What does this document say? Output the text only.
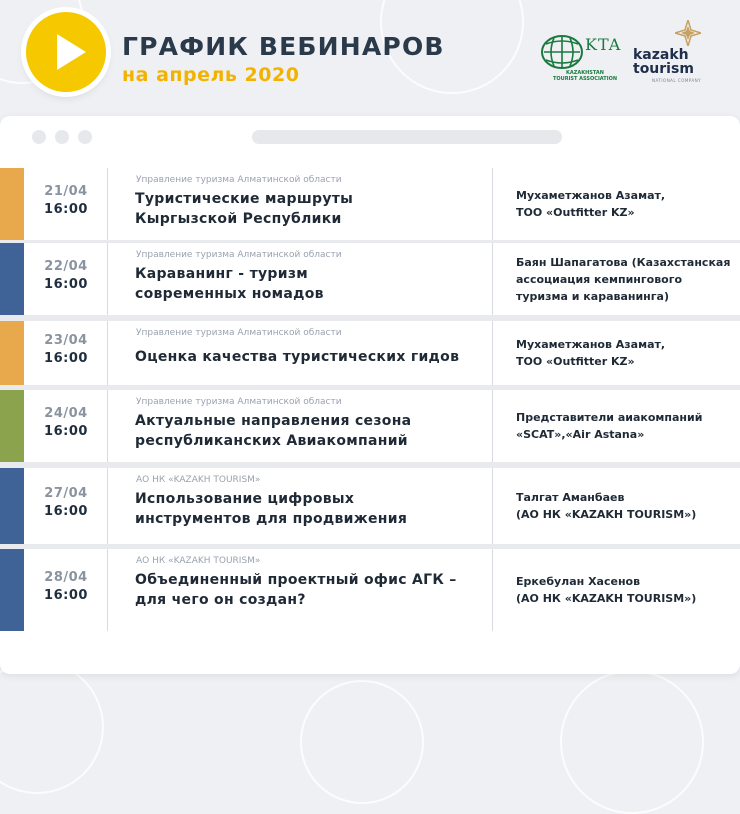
ГРАФИК ВЕБИНАРОВ
на апрель 2020
KTA
KAZAKHSTAN
TOURIST ASSOCIATION
kazakh
tourism
NATIONAL COMPANY
21/04
16:00
Управление туризма Алматинской области
Туристические маршруты
Кыргызской Республики
Мухаметжанов Азамат,
ТОО «Outfitter KZ»
22/04
16:00
Управление туризма Алматинской области
Караванинг - туризм
современных номадов
Баян Шапагатова (Казахстанская
ассоциация кемпингового
туризма и караванинга)
23/04
16:00
Управление туризма Алматинской области
Оценка качества туристических гидов
Мухаметжанов Азамат,
ТОО «Outfitter KZ»
24/04
16:00
Управление туризма Алматинской области
Актуальные направления сезона
республиканских Авиакомпаний
Представители аиакомпаний
«SCAT»,«Air Astana»
27/04
16:00
АО НК «KAZAKH TOURISM»
Использование цифровых
инструментов для продвижения
Талгат Аманбаев
(АО НК «KAZAKH TOURISM»)
28/04
16:00
АО НК «KAZAKH TOURISM»
Объединенный проектный офис АГК –
для чего он создан?
Еркебулан Хасенов
(АО НК «KAZAKH TOURISM»)
